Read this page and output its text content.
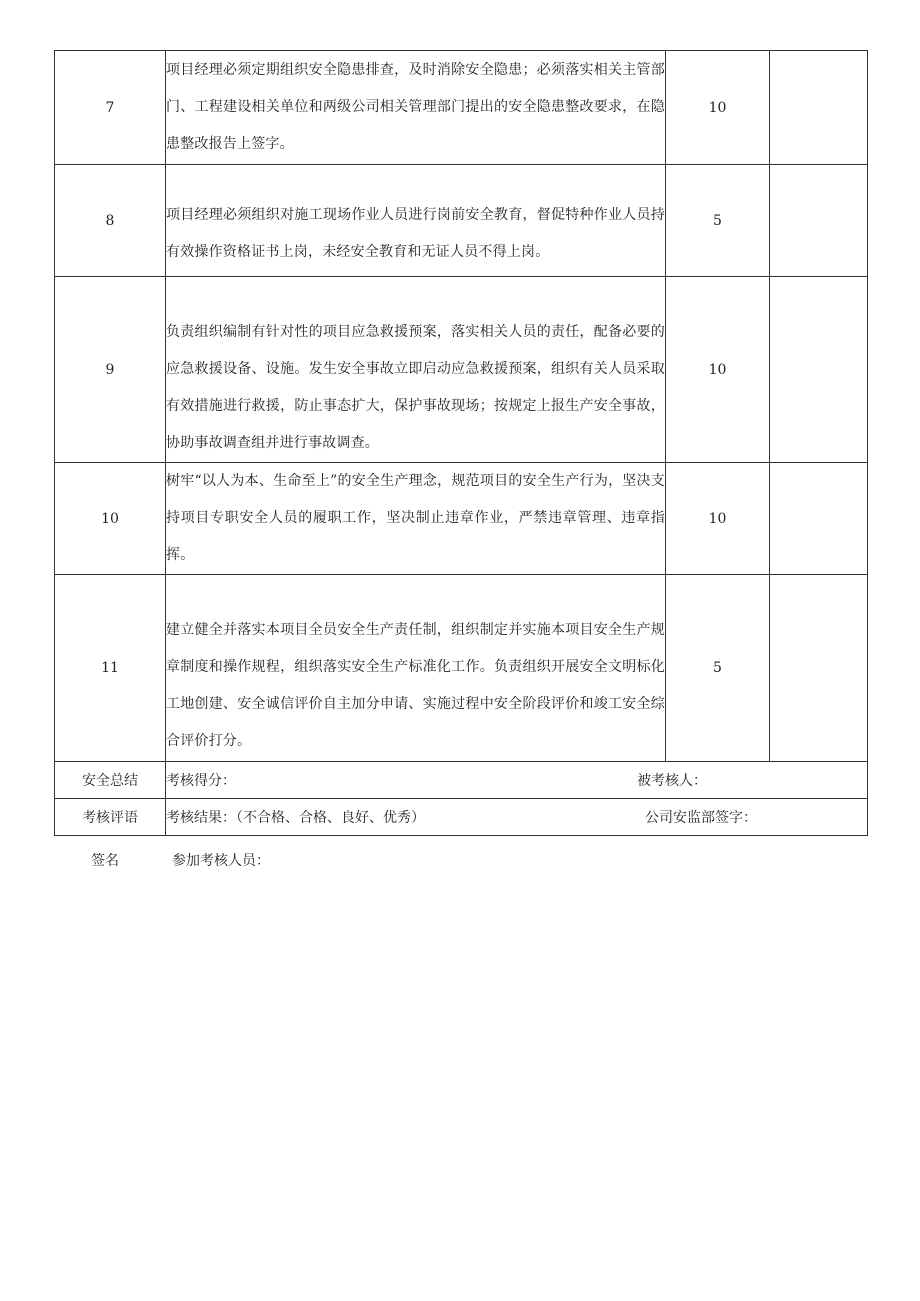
7	项目经理必须定期组织安全隐患排查，及时消除安全隐患；必须落实相关主管部门、工程建设相关单位和两级公司相关管理部门提出的安全隐患整改要求，在隐患整改报告上签字。	10	
8	项目经理必须组织对施工现场作业人员进行岗前安全教育，督促特种作业人员持有效操作资格证书上岗，未经安全教育和无证人员不得上岗。	5	
9	负责组织编制有针对性的项目应急救援预案，落实相关人员的责任，配备必要的应急救援设备、设施。发生安全事故立即启动应急救援预案，组织有关人员采取有效措施进行救援，防止事态扩大，保护事故现场；按规定上报生产安全事故，协助事故调查组并进行事故调查。	10	
10	树牢“以人为本、生命至上”的安全生产理念，规范项目的安全生产行为，坚决支持项目专职安全人员的履职工作，坚决制止违章作业，严禁违章管理、违章指挥。	10	
11	建立健全并落实本项目全员安全生产责任制，组织制定并实施本项目安全生产规章制度和操作规程，组织落实安全生产标准化工作。负责组织开展安全文明标化工地创建、安全诚信评价自主加分申请、实施过程中安全阶段评价和竣工安全综合评价打分。	5	
安全总结	考核得分： 被考核人：		

考核评语	考核结果：（不合格、合格、良好、优秀） 公司安监部签字：		
签名	参加考核人员：
